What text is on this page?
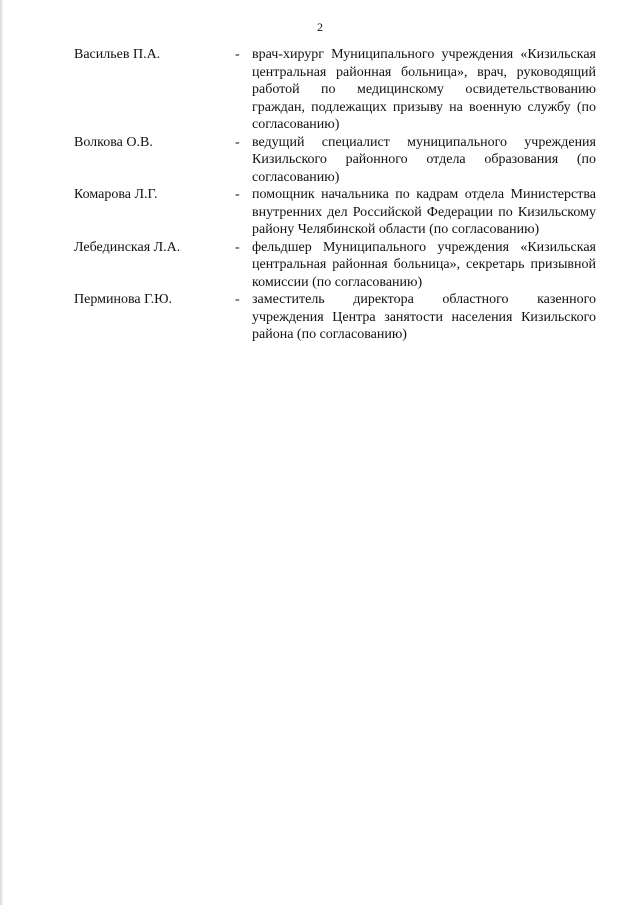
2
Васильев П.А.	- врач-хирург Муниципального учреждения «Кизильская центральная районная больница», врач, руководящий работой по медицинскому освидетельствованию граждан, подлежащих призыву на военную службу (по согласованию)
Волкова О.В.	- ведущий специалист муниципального учреждения Кизильского районного отдела образования (по согласованию)
Комарова Л.Г.	- помощник начальника по кадрам отдела Министерства внутренних дел Российской Федерации по Кизильскому району Челябинской области (по согласованию)
Лебединская Л.А.	- фельдшер Муниципального учреждения «Кизильская центральная районная больница», секретарь призывной комиссии (по согласованию)
Перминова Г.Ю.	- заместитель директора областного казенного учреждения Центра занятости населения Кизильского района (по согласованию)
